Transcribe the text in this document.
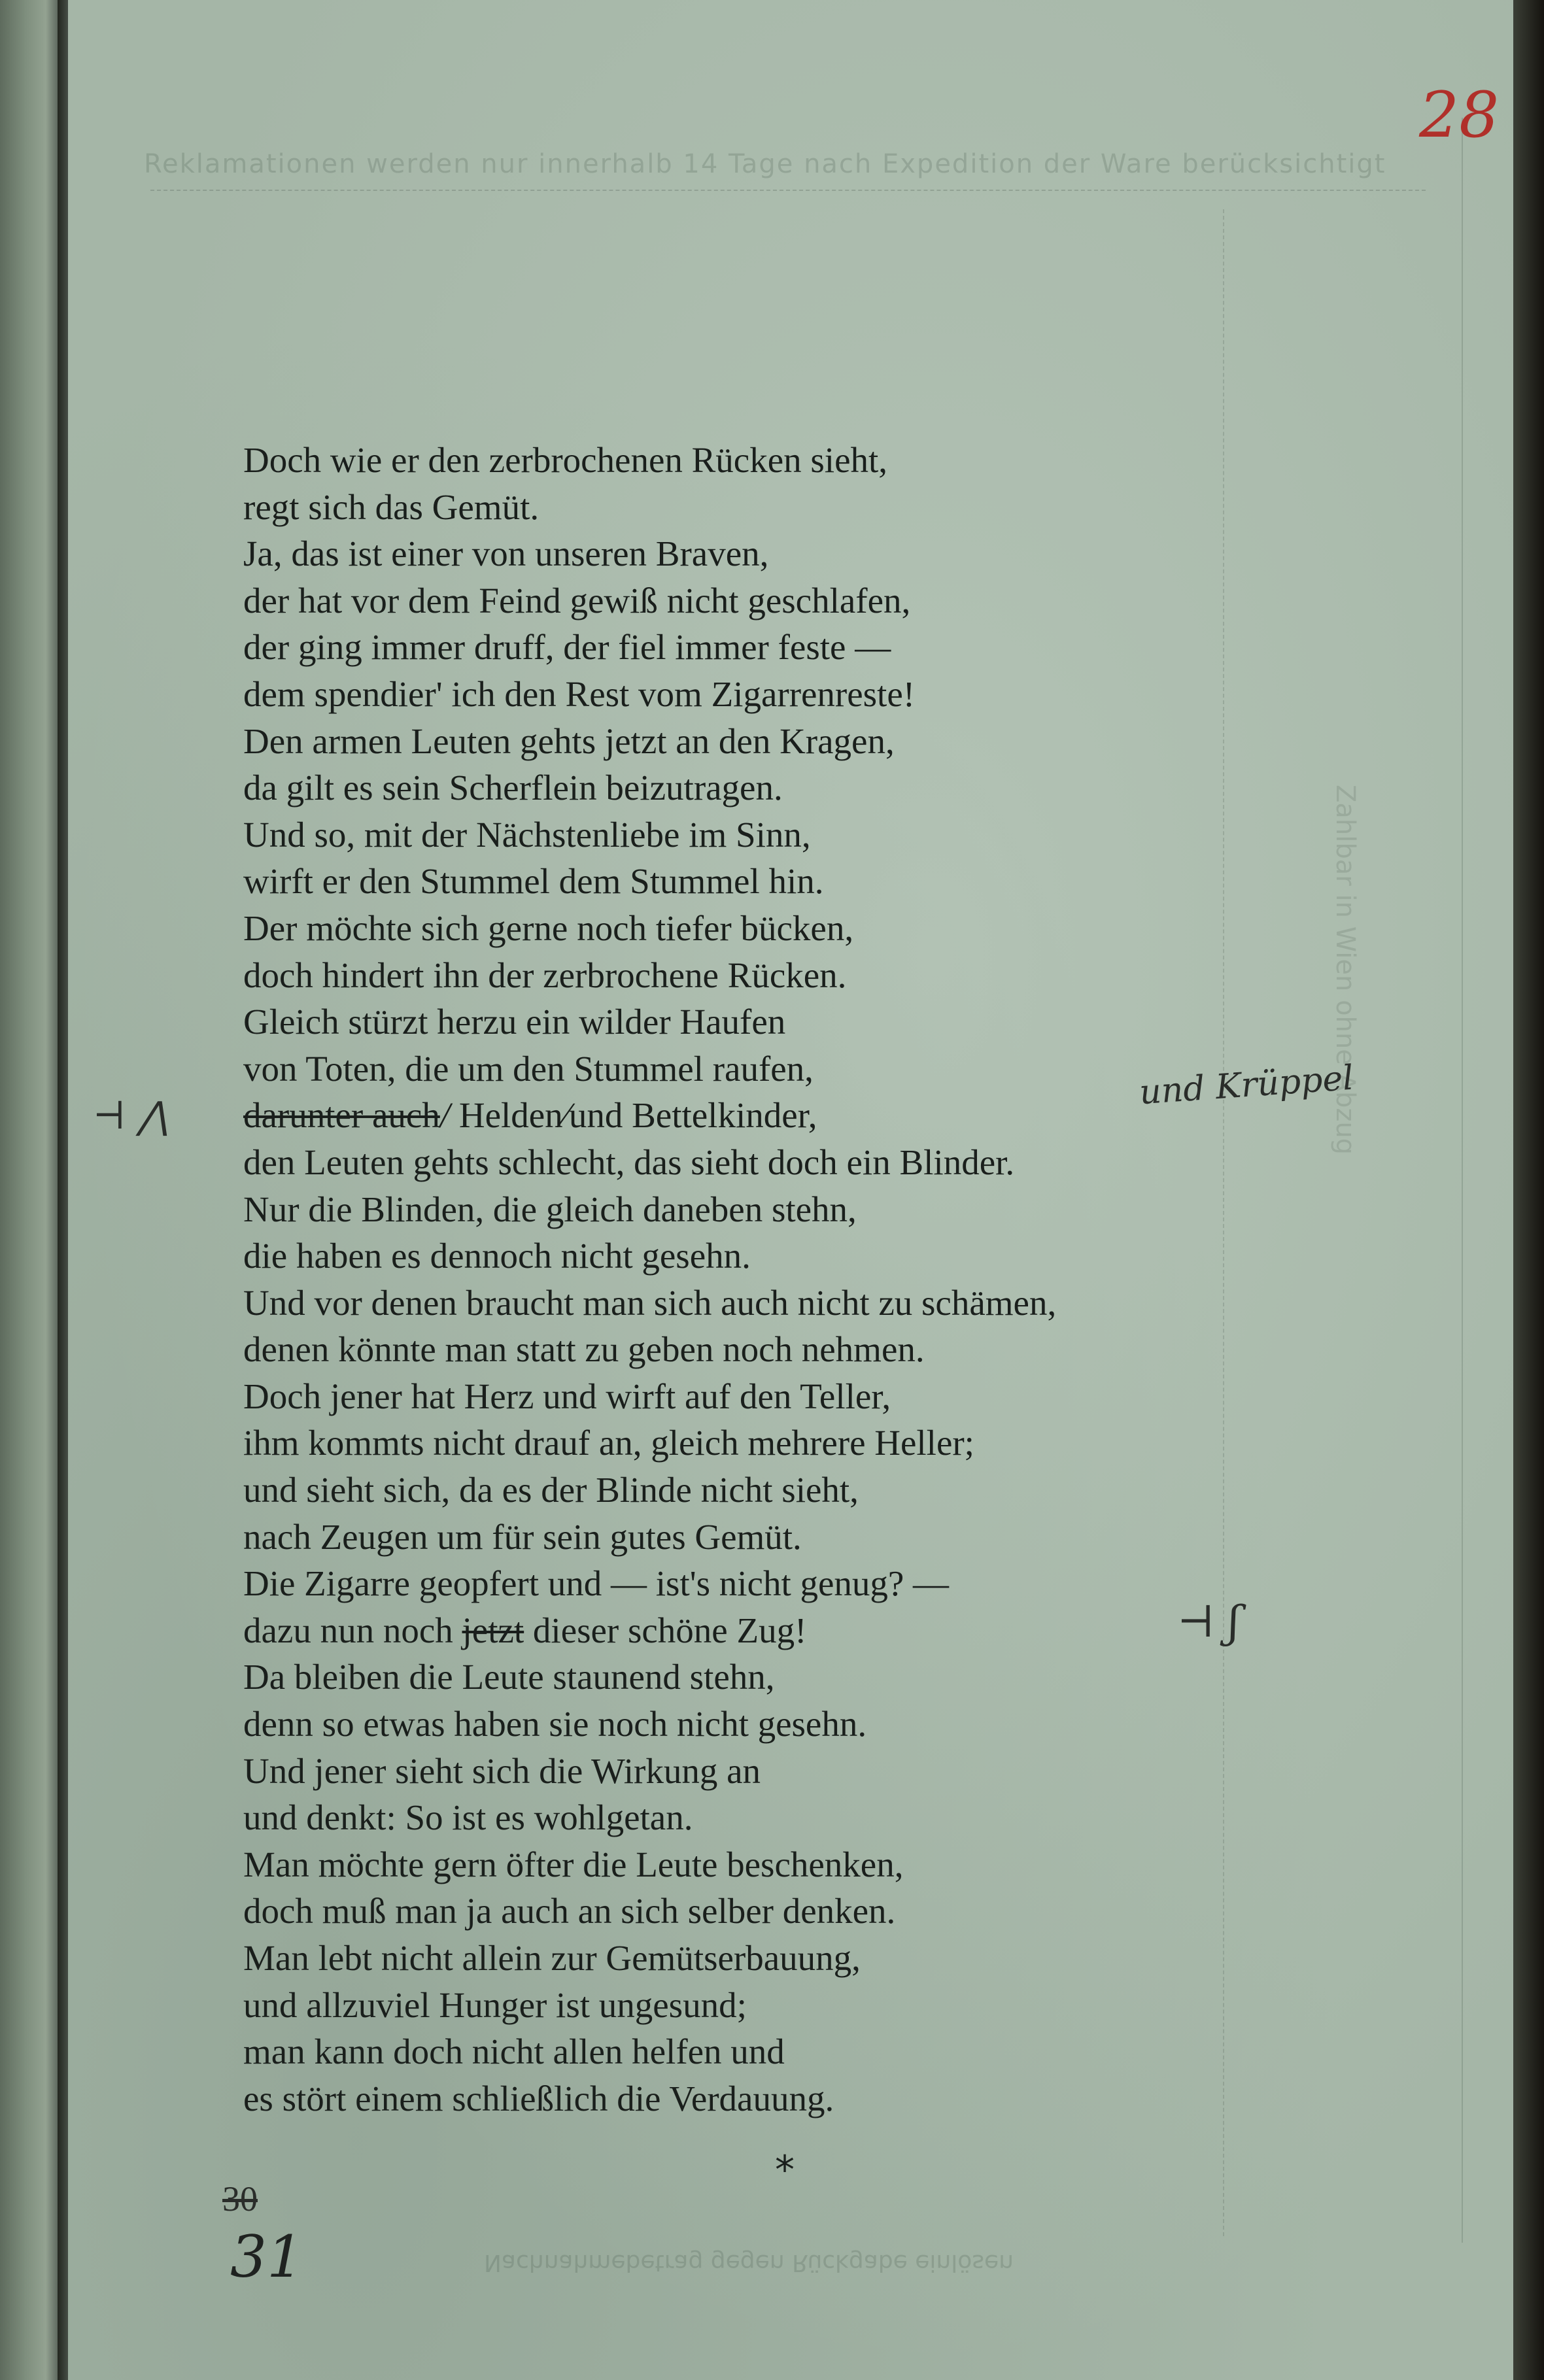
Reklamationen werden nur innerhalb 14 Tage nach Expedition der Ware berücksichtigt
Nachnahmebetrag gegen Rückgabe einlösen
Zahlbar in Wien ohne Abzug
28
Doch wie er den zerbrochenen Rücken sieht,
regt sich das Gemüt.
Ja, das ist einer von unseren Braven,
der hat vor dem Feind gewiß nicht geschlafen,
der ging immer druff, der fiel immer feste —
dem spendier' ich den Rest vom Zigarrenreste!
Den armen Leuten gehts jetzt an den Kragen,
da gilt es sein Scherflein beizutragen.
Und so, mit der Nächstenliebe im Sinn,
wirft er den Stummel dem Stummel hin.
Der möchte sich gerne noch tiefer bücken,
doch hindert ihn der zerbrochene Rücken.
Gleich stürzt herzu ein wilder Haufen
von Toten, die um den Stummel raufen,
darunter auch/ Helden⁄und Bettelkinder,
den Leuten gehts schlecht, das sieht doch ein Blinder.
Nur die Blinden, die gleich daneben stehn,
die haben es dennoch nicht gesehn.
Und vor denen braucht man sich auch nicht zu schämen,
denen könnte man statt zu geben noch nehmen.
Doch jener hat Herz und wirft auf den Teller,
ihm kommts nicht drauf an, gleich mehrere Heller;
und sieht sich, da es der Blinde nicht sieht,
nach Zeugen um für sein gutes Gemüt.
Die Zigarre geopfert und — ist's nicht genug? —
dazu nun noch jetzt dieser schöne Zug!
Da bleiben die Leute staunend stehn,
denn so etwas haben sie noch nicht gesehn.
Und jener sieht sich die Wirkung an
und denkt: So ist es wohlgetan.
Man möchte gern öfter die Leute beschenken,
doch muß man ja auch an sich selber denken.
Man lebt nicht allein zur Gemütserbauung,
und allzuviel Hunger ist ungesund;
man kann doch nicht allen helfen und
es stört einem schließlich die Verdauung.
⊣ ⋀
und Krüppel
⊣ ʃ
*
30
31
